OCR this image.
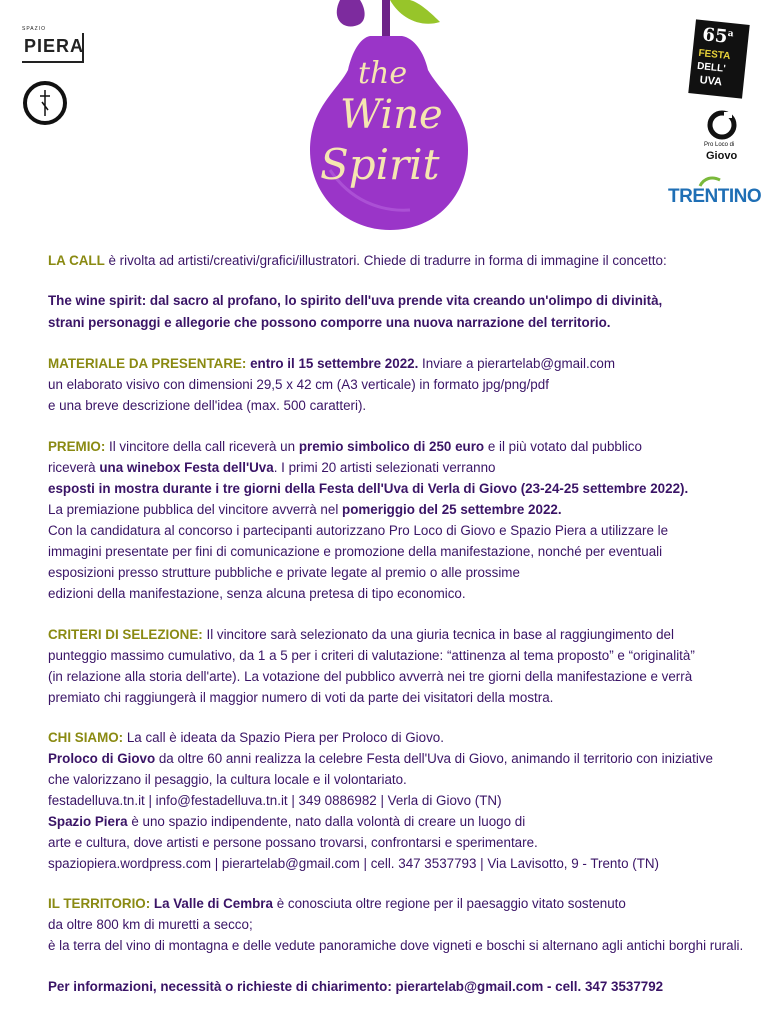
SPAZIO
PIERA
the
Wine
Spirit
65$^a$
FESTA
DELL'
UVA
Pro Loco di
Giovo
TRENTINO
LA CALL è rivolta ad artisti/creativi/grafici/illustratori. Chiede di tradurre in forma di immagine il concetto:
The wine spirit: dal sacro al profano, lo spirito dell'uva prende vita creando un'olimpo di divinità,
strani personaggi e allegorie che possono comporre una nuova narrazione del territorio.
MATERIALE DA PRESENTARE: entro il 15 settembre 2022. Inviare a pierartelab@gmail.com
un elaborato visivo con dimensioni 29,5 x 42 cm (A3 verticale) in formato jpg/png/pdf
e una breve descrizione dell'idea (max. 500 caratteri).
PREMIO: Il vincitore della call riceverà un premio simbolico di 250 euro e il più votato dal pubblico
riceverà una winebox Festa dell'Uva. I primi 20 artisti selezionati verranno
esposti in mostra durante i tre giorni della Festa dell'Uva di Verla di Giovo (23-24-25 settembre 2022).
La premiazione pubblica del vincitore avverrà nel pomeriggio del 25 settembre 2022.
Con la candidatura al concorso i partecipanti autorizzano Pro Loco di Giovo e Spazio Piera a utilizzare le
immagini presentate per fini di comunicazione e promozione della manifestazione, nonché per eventuali
esposizioni presso strutture pubbliche e private legate al premio o alle prossime
edizioni della manifestazione, senza alcuna pretesa di tipo economico.
CRITERI DI SELEZIONE: Il vincitore sarà selezionato da una giuria tecnica in base al raggiungimento del
punteggio massimo cumulativo, da 1 a 5 per i criteri di valutazione: “attinenza al tema proposto” e “originalità”
(in relazione alla storia dell'arte). La votazione del pubblico avverrà nei tre giorni della manifestazione e verrà
premiato chi raggiungerà il maggior numero di voti da parte dei visitatori della mostra.
CHI SIAMO: La call è ideata da Spazio Piera per Proloco di Giovo.
Proloco di Giovo da oltre 60 anni realizza la celebre Festa dell'Uva di Giovo, animando il territorio con iniziative
che valorizzano il pesaggio, la cultura locale e il volontariato.
festadelluva.tn.it | info@festadelluva.tn.it | 349 0886982 | Verla di Giovo (TN)
Spazio Piera è uno spazio indipendente, nato dalla volontà di creare un luogo di
arte e cultura, dove artisti e persone possano trovarsi, confrontarsi e sperimentare.
spaziopiera.wordpress.com | pierartelab@gmail.com | cell. 347 3537793 | Via Lavisotto, 9 - Trento (TN)
IL TERRITORIO: La Valle di Cembra è conosciuta oltre regione per il paesaggio vitato sostenuto
da oltre 800 km di muretti a secco;
è la terra del vino di montagna e delle vedute panoramiche dove vigneti e boschi si alternano agli antichi borghi rurali.
Per informazioni, necessità o richieste di chiarimento: pierartelab@gmail.com - cell. 347 3537792
